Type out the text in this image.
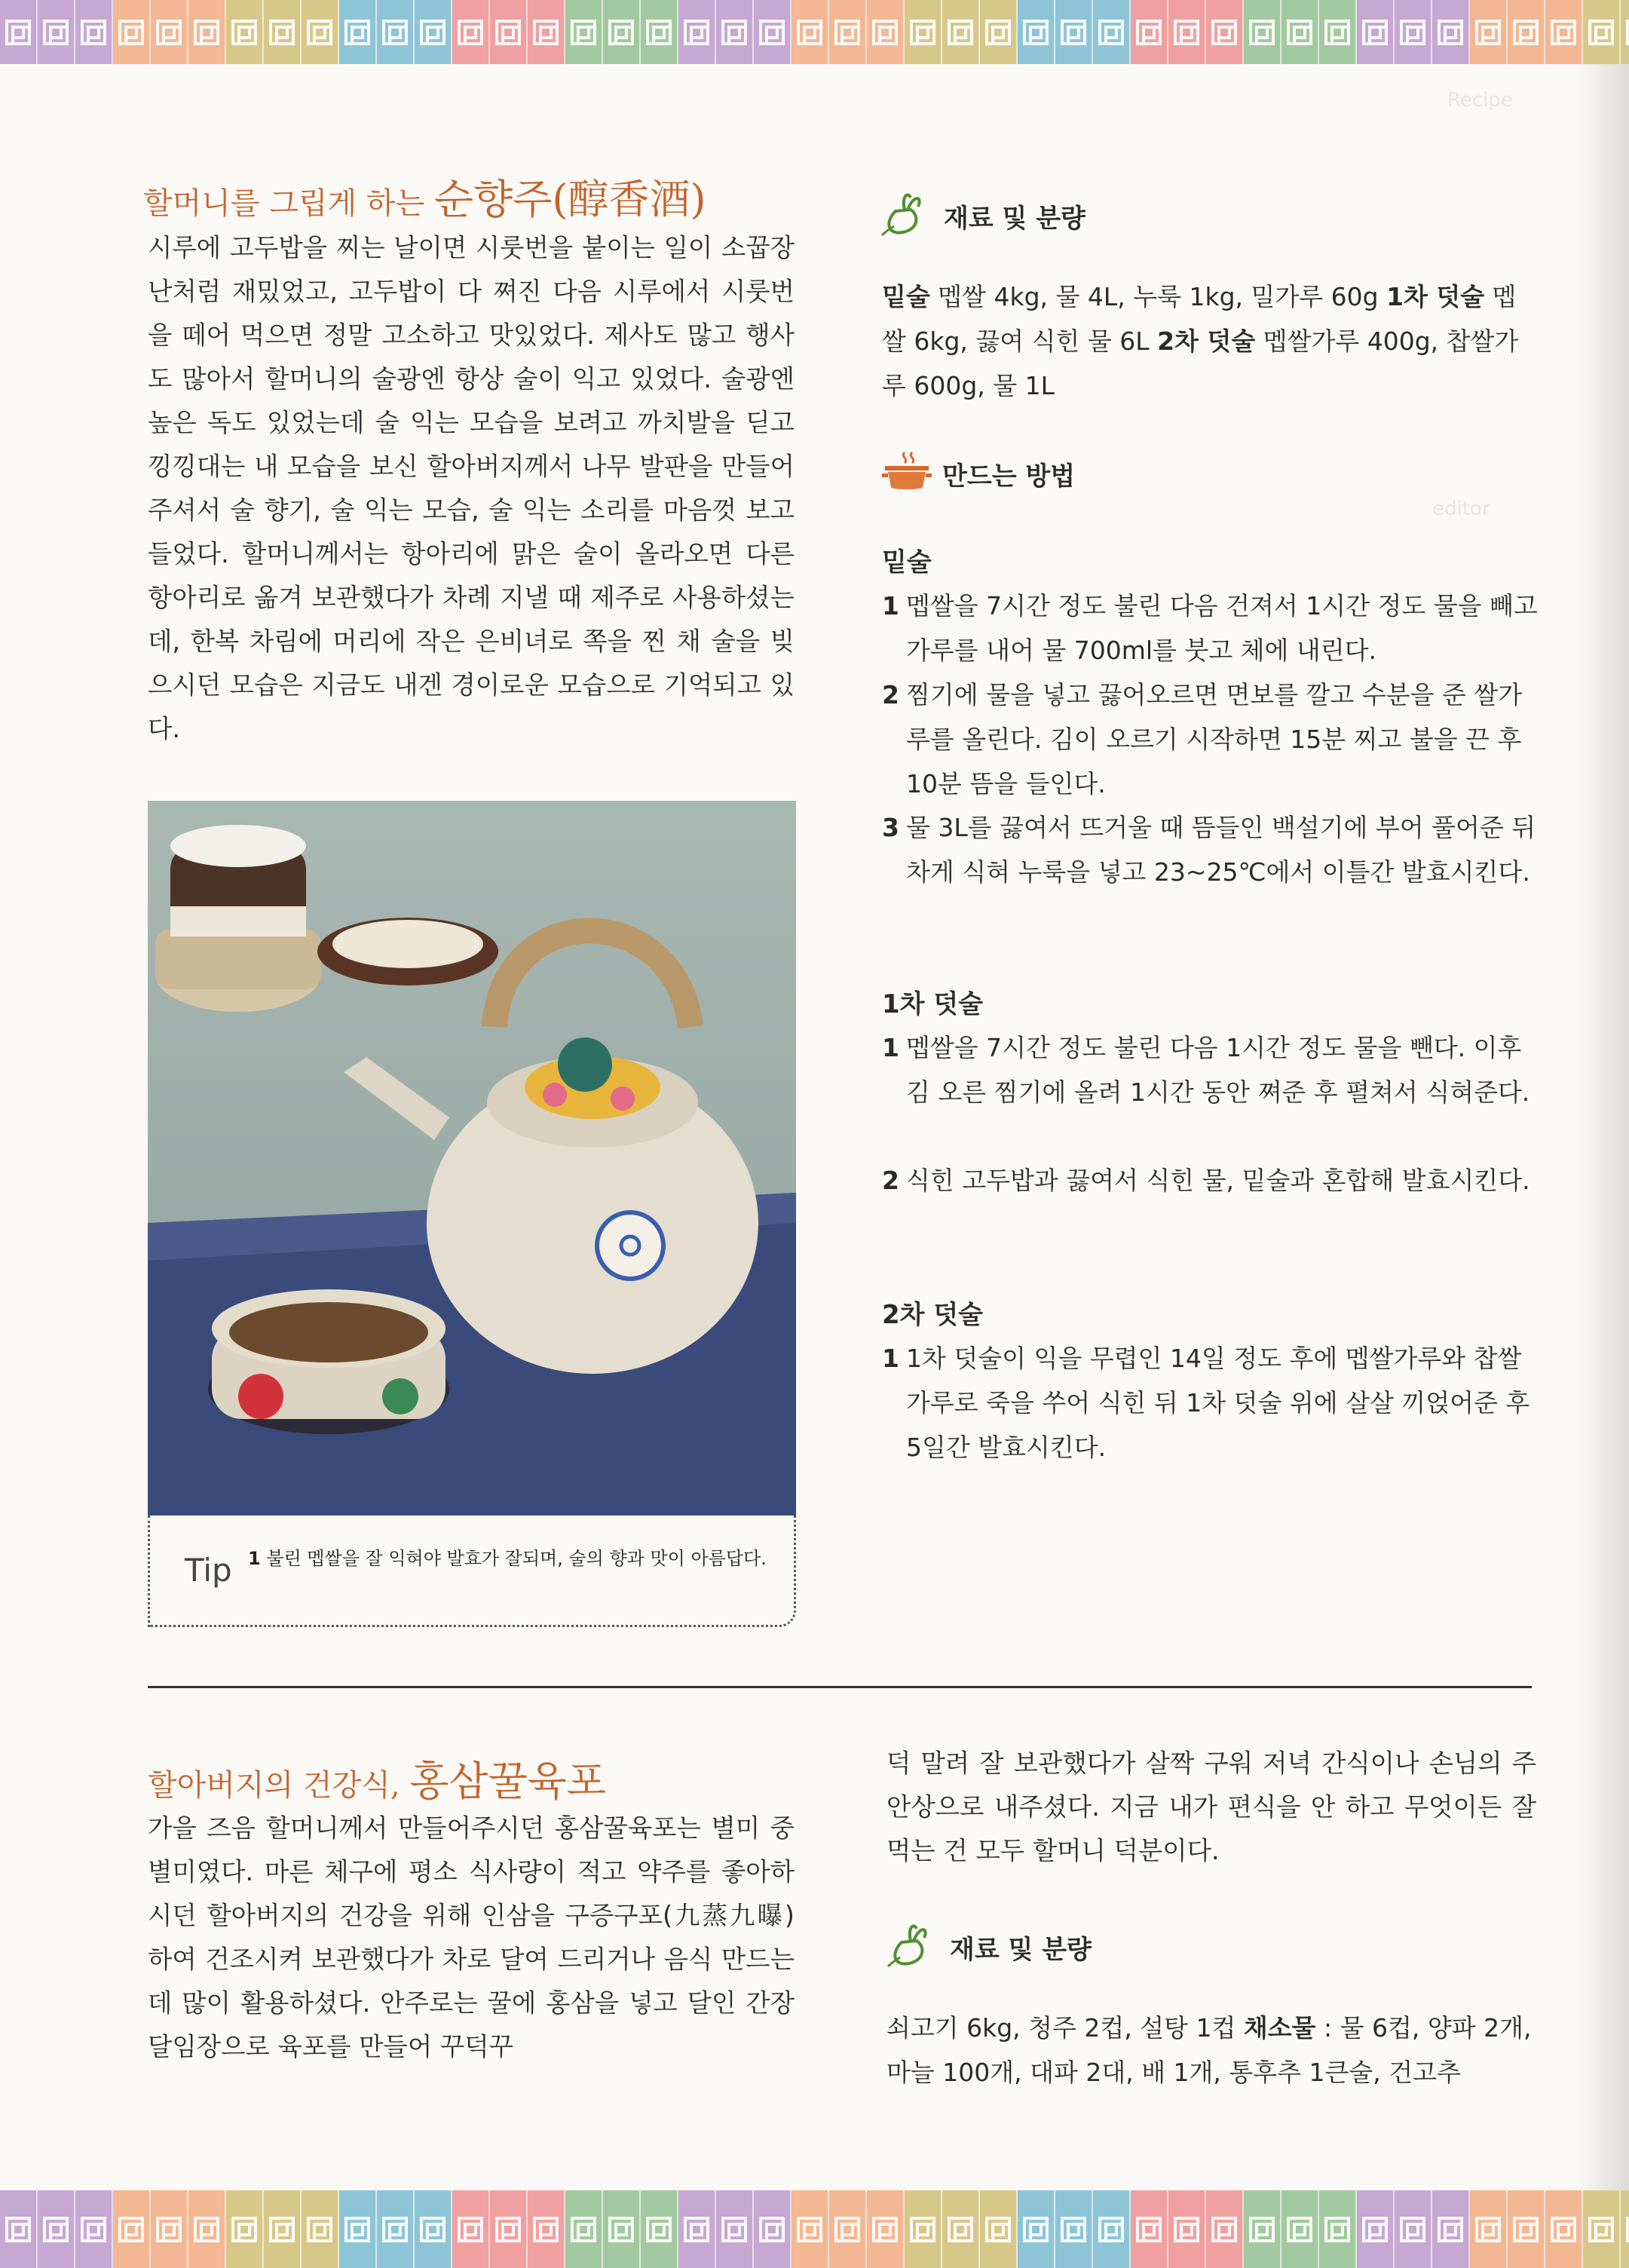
Recipe
editor
할머니를 그립게 하는 순향주(醇香酒)
시루에 고두밥을 찌는 날이면 시룻번을 붙이는 일이 소꿉장난처럼 재밌었고, 고두밥이 다 쪄진 다음 시루에서 시룻번을 떼어 먹으면 정말 고소하고 맛있었다. 제사도 많고 행사도 많아서 할머니의 술광엔 항상 술이 익고 있었다. 술광엔 높은 독도 있었는데 술 익는 모습을 보려고 까치발을 딛고 낑낑대는 내 모습을 보신 할아버지께서 나무 발판을 만들어주셔서 술 향기, 술 익는 모습, 술 익는 소리를 마음껏 보고 들었다. 할머니께서는 항아리에 맑은 술이 올라오면 다른 항아리로 옮겨 보관했다가 차례 지낼 때 제주로 사용하셨는데, 한복 차림에 머리에 작은 은비녀로 쪽을 찐 채 술을 빚으시던 모습은 지금도 내겐 경이로운 모습으로 기억되고 있다.
Tip 1 불린 멥쌀을 잘 익혀야 발효가 잘되며, 술의 향과 맛이 아름답다.
재료 및 분량
밑술 멥쌀 4kg, 물 4L, 누룩 1kg, 밀가루 60g 1차 덧술 멥쌀 6kg, 끓여 식힌 물 6L 2차 덧술 멥쌀가루 400g, 찹쌀가루 600g, 물 1L
만드는 방법
밑술
1 멥쌀을 7시간 정도 불린 다음 건져서 1시간 정도 물을 빼고 가루를 내어 물 700ml를 붓고 체에 내린다.
2 찜기에 물을 넣고 끓어오르면 면보를 깔고 수분을 준 쌀가루를 올린다. 김이 오르기 시작하면 15분 찌고 불을 끈 후 10분 뜸을 들인다.
3 물 3L를 끓여서 뜨거울 때 뜸들인 백설기에 부어 풀어준 뒤 차게 식혀 누룩을 넣고 23~25℃에서 이틀간 발효시킨다.
1차 덧술
1 멥쌀을 7시간 정도 불린 다음 1시간 정도 물을 뺀다. 이후 김 오른 찜기에 올려 1시간 동안 쪄준 후 펼쳐서 식혀준다.
2 식힌 고두밥과 끓여서 식힌 물, 밑술과 혼합해 발효시킨다.
2차 덧술
1 1차 덧술이 익을 무렵인 14일 정도 후에 멥쌀가루와 찹쌀가루로 죽을 쑤어 식힌 뒤 1차 덧술 위에 살살 끼얹어준 후 5일간 발효시킨다.
할아버지의 건강식, 홍삼꿀육포
가을 즈음 할머니께서 만들어주시던 홍삼꿀육포는 별미 중 별미였다. 마른 체구에 평소 식사량이 적고 약주를 좋아하시던 할아버지의 건강을 위해 인삼을 구증구포(九蒸九曝)하여 건조시켜 보관했다가 차로 달여 드리거나 음식 만드는 데 많이 활용하셨다. 안주로는 꿀에 홍삼을 넣고 달인 간장달임장으로 육포를 만들어 꾸덕꾸
덕 말려 잘 보관했다가 살짝 구워 저녁 간식이나 손님의 주안상으로 내주셨다. 지금 내가 편식을 안 하고 무엇이든 잘 먹는 건 모두 할머니 덕분이다.
재료 및 분량
쇠고기 6kg, 청주 2컵, 설탕 1컵 채소물 : 물 6컵, 양파 2개, 마늘 100개, 대파 2대, 배 1개, 통후추 1큰술, 건고추
